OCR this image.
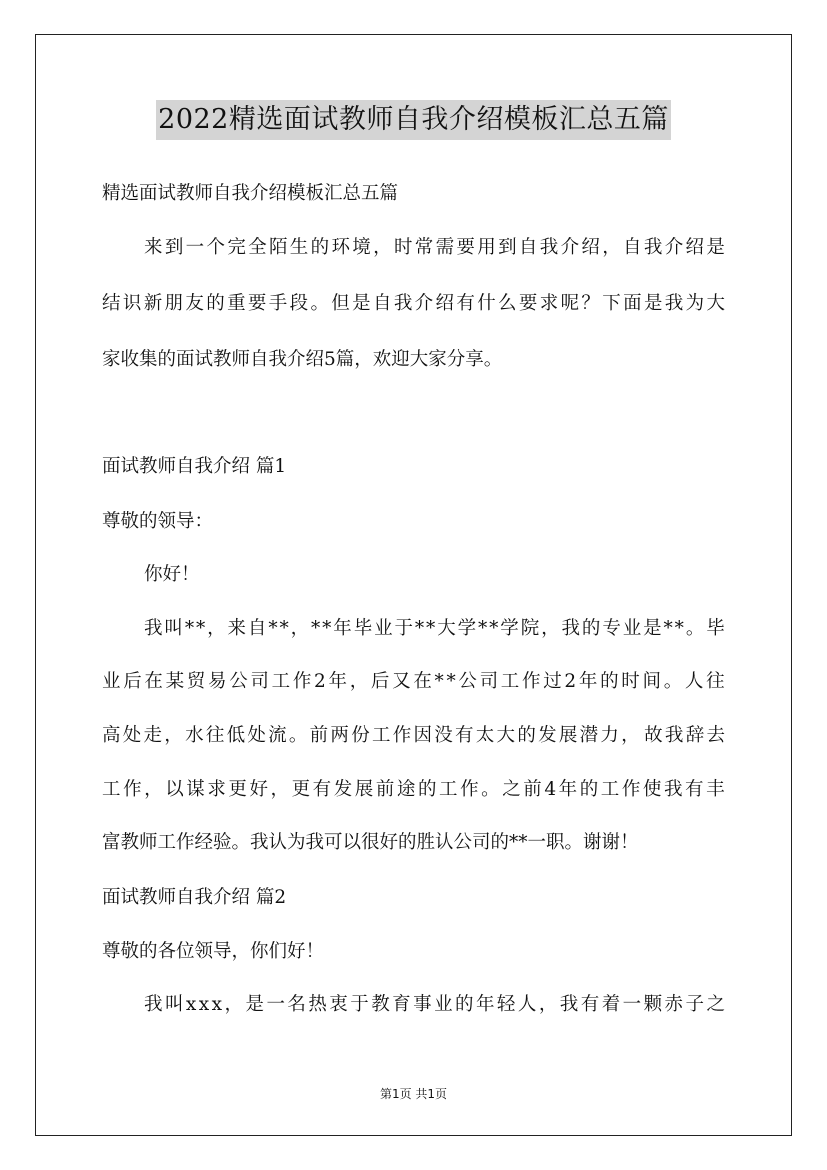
2022精选面试教师自我介绍模板汇总五篇
精选面试教师自我介绍模板汇总五篇
来 到 一 个 完 全 陌 生 的 环 境 ， 时 常 需 要 用 到 自 我 介 绍 ， 自 我 介 绍 是
结 识 新 朋 友 的 重 要 手 段 。 但 是 自 我 介 绍 有 什 么 要 求 呢 ？ 下 面 是 我 为 大
家收集的面试教师自我介绍5篇，欢迎大家分享。
面试教师自我介绍 篇1
尊敬的领导：
你好！
我 叫 * * ， 来 自 * * ， * * 年 毕 业 于 * * 大 学 * * 学 院 ， 我 的 专 业 是 * * 。 毕
业 后 在 某 贸 易 公 司 工 作 2 年 ， 后 又 在 * * 公 司 工 作 过 2 年 的 时 间 。 人 往
高 处 走 ， 水 往 低 处 流 。 前 两 份 工 作 因 没 有 太 大 的 发 展 潜 力 ， 故 我 辞 去
工 作 ， 以 谋 求 更 好 ， 更 有 发 展 前 途 的 工 作 。 之 前 4 年 的 工 作 使 我 有 丰
富教师工作经验。我认为我可以很好的胜认公司的**一职。谢谢！
面试教师自我介绍 篇2
尊敬的各位领导，你们好！
我 叫 x x x ， 是 一 名 热 衷 于 教 育 事 业 的 年 轻 人 ， 我 有 着 一 颗 赤 子 之
第1页 共1页
